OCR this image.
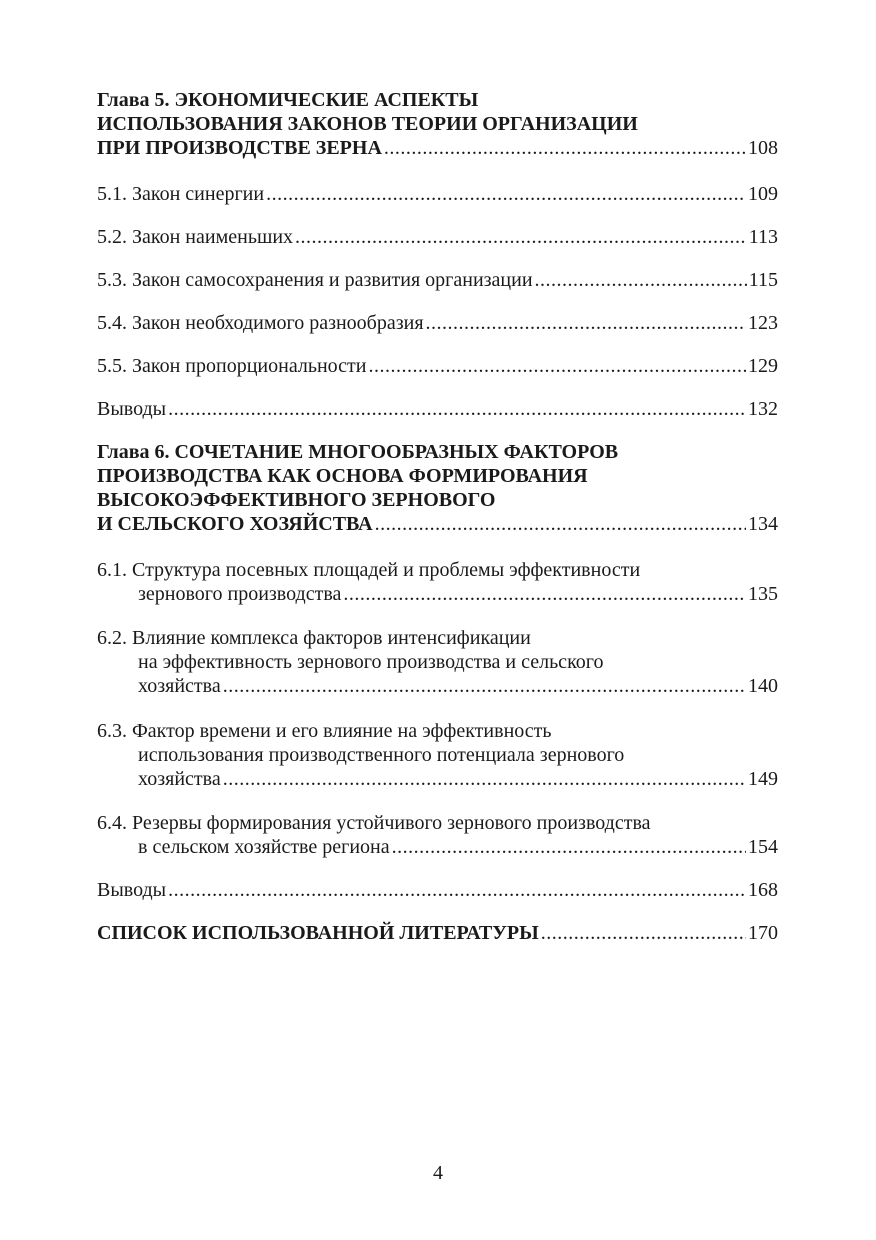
Глава 5. ЭКОНОМИЧЕСКИЕ АСПЕКТЫ
ИСПОЛЬЗОВАНИЯ ЗАКОНОВ ТЕОРИИ ОРГАНИЗАЦИИ
ПРИ ПРОИЗВОДСТВЕ ЗЕРНА .....	108
5.1. Закон синергии .....	109
5.2. Закон наименьших .....	113
5.3. Закон самосохранения и развития организации .....	115
5.4. Закон необходимого разнообразия .....	123
5.5. Закон пропорциональности .....	129
Выводы .....	132
Глава 6. СОЧЕТАНИЕ МНОГООБРАЗНЫХ ФАКТОРОВ
ПРОИЗВОДСТВА КАК ОСНОВА ФОРМИРОВАНИЯ
ВЫСОКОЭФФЕКТИВНОГО ЗЕРНОВОГО
И СЕЛЬСКОГО ХОЗЯЙСТВА .....	134
6.1. Структура посевных площадей и проблемы эффективности
зернового производства .....	135
6.2. Влияние комплекса факторов интенсификации
на эффективность зернового производства и сельского
хозяйства .....	140
6.3. Фактор времени и его влияние на эффективность
использования производственного потенциала зернового
хозяйства .....	149
6.4. Резервы формирования устойчивого зернового производства
в сельском хозяйстве региона .....	154
Выводы .....	168
СПИСОК ИСПОЛЬЗОВАННОЙ ЛИТЕРАТУРЫ .....	170
4
